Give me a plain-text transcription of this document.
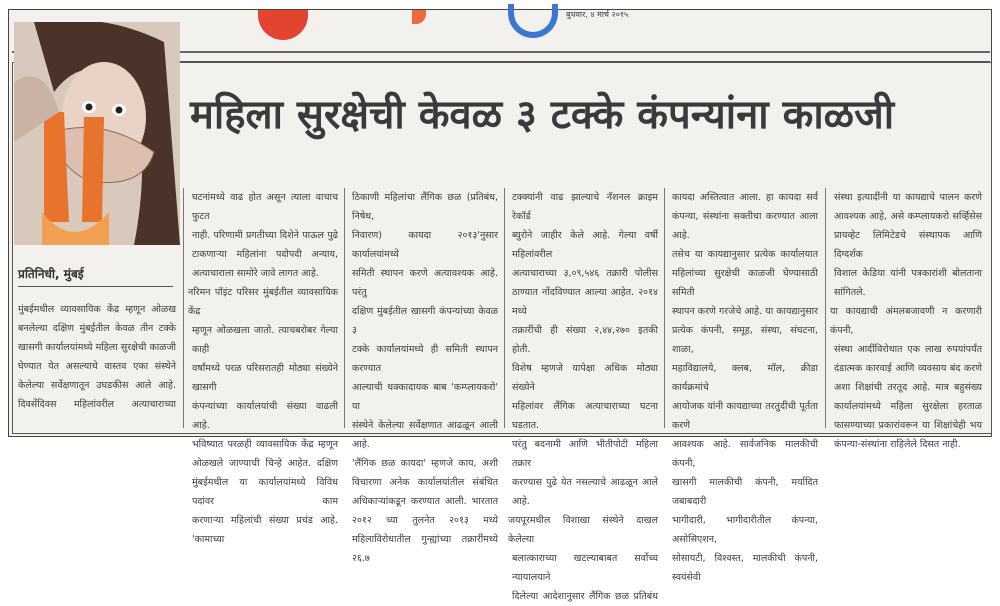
बुधवार, ४ मार्च २०१५
महिला सुरक्षेची केवळ ३ टक्के कंपन्यांना काळजी
प्रतिनिधी, मुंबई
मुंबईमधील व्यावसायिक केंद्र म्हणून ओळख
बनलेल्या दक्षिण मुंबईतील केवळ तीन टक्के
खासगी कार्यालयांमध्ये महिला सुरक्षेची काळजी
घेण्यात येत असल्याचे वास्तव एका संस्थेने
केलेल्या सर्वेक्षणातून उघडकीस आले आहे.
दिवसेंदिवस महिलांवरील अत्याचाराच्या
घटनांमध्ये वाढ होत असून त्याला वाचाच फुटत
नाही. परिणामी प्रगतीच्या दिशेने पाऊल पुढे
टाकणाऱ्या महिलांना पदोपदी अन्याय,
अत्याचाराला सामोरे जावे लागत आहे.
नरिमन पॉइंट परिसर मुंबईतील व्यावसायिक केंद्र
म्हणून ओळखला जातो. त्याचबरोबर गेल्या काही
वर्षांमध्ये परळ परिसरातही मोठ्या संख्येने खासगी
कंपन्यांच्या कार्यालयांची संख्या वाढली आहे.
भविष्यात परळही व्यावसायिक केंद्र म्हणून
ओळखले जाण्याची चिन्हे आहेत. दक्षिण
मुंबईमधील या कार्यालयांमध्ये विविध पदांवर काम
करणाऱ्या महिलांची संख्या प्रचंड आहे. 'कामाच्या
ठिकाणी महिलांचा लैंगिक छळ (प्रतिबंध, निषेध,
निवारण) कायदा २०१३'नुसार कार्यालयांमध्ये
समिती स्थापन करणे अत्यावश्यक आहे. परंतु
दक्षिण मुंबईतील खासगी कंपन्यांच्या केवळ ३
टक्के कार्यालयांमध्ये ही समिती स्थापन करण्यात
आल्याची धक्कादायक बाब 'कम्प्लायकरो' या
संस्थेने केलेल्या सर्वेक्षणात आढळून आली आहे.
'लैंगिक छळ कायदा' म्हणजे काय, अशी
विचारणा अनेक कार्यालयांतील संबंधित
अधिकाऱ्यांकडून करण्यात आली. भारतात
२०१२ च्या तुलनेत २०१३ मध्ये
महिलाविरोधातील गुन्ह्यांच्या तक्रारींमध्ये २६.७
टक्क्यांनी वाढ झाल्याचे नॅशनल क्राइम रेकॉर्ड
ब्युरोने जाहीर केले आहे. गेल्या वर्षी महिलांवरील
अत्याचाराच्या ३,०९,५४६ तक्रारी पोलीस
ठाण्यात नोंदविण्यात आल्या आहेत. २०१४ मध्ये
तक्रारींची ही संख्या २,४४,२७० इतकी होती.
विशेष म्हणजे यापेक्षा अधिक मोठ्या संख्येने
महिलांवर लैंगिक अत्याचाराच्या घटना घडतात.
परंतु बदनामी आणि भीतीपोटी महिला तक्रार
करण्यास पुढे येत नसल्याचे आढळून आले आहे.
जयपूरमधील विशाखा संस्थेने दाखल केलेल्या
बलात्काराच्या खटल्याबाबत सर्वोच्च न्यायालयाने
दिलेल्या आदेशानुसार लैंगिक छळ प्रतिबंध
कायदा अस्तित्वात आला. हा कायदा सर्व
कंपन्या, संस्थांना सक्तीचा करण्यात आला आहे.
तसेच या कायद्यानुसार प्रत्येक कार्यालयात
महिलांच्या सुरक्षेची काळजी घेण्यासाठी समिती
स्थापन करणे गरजेचे आहे. या कायद्यानुसार
प्रत्येक कंपनी, समूह, संस्था, संघटना, शाळा,
महाविद्यालये, क्लब, मॉल, क्रीडा कार्यक्रमांचे
आयोजक यांनी कायद्याच्या तरतुदींची पूर्तता करणे
आवश्यक आहे. सार्वजनिक मालकीची कंपनी,
खासगी मालकीची कंपनी, मर्यादित जबाबदारी
भागीदारी, भागीदारीतील कंपन्या, असोसिएशन,
सोसायटी, विश्वस्त, मालकीची कंपनी, स्वयंसेवी
संस्था इत्यादींनी या कायद्याचे पालन करणे
आवश्यक आहे, असे कम्प्लायकरो सर्व्हिसेस
प्रायव्हेट लिमिटेडचे संस्थापक आणि दिग्दर्शक
विशाल केडिया यांनी पत्रकारांशी बोलताना
सांगितले.
या कायद्याची अंमलबजावणी न करणारी कंपनी,
संस्था आदींविरोधात एक लाख रुपयांपर्यंत
दंडात्मक कारवाई आणि व्यवसाय बंद करणे
अशा शिक्षांची तरतूद आहे. मात्र बहुसंख्य
कार्यालयांमध्ये महिला सुरक्षेला हरताळ
फासण्याच्या प्रकारांवरून या शिक्षांचेही भय
कंपन्या-संस्थांना राहिलेले दिसत नाही.
